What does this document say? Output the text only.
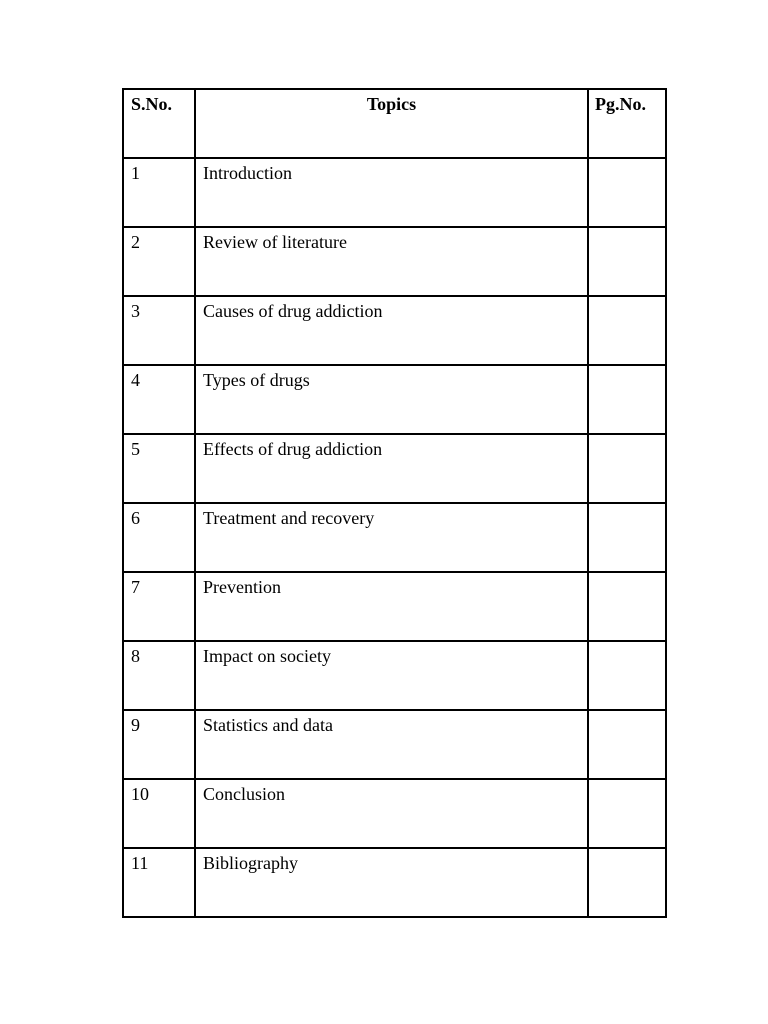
S.No.	Topics	Pg.No.
1	Introduction	
2	Review of literature	
3	Causes of drug addiction	
4	Types of drugs	
5	Effects of drug addiction	
6	Treatment and recovery	
7	Prevention	
8	Impact on society	
9	Statistics and data	
10	Conclusion	
11	Bibliography	
